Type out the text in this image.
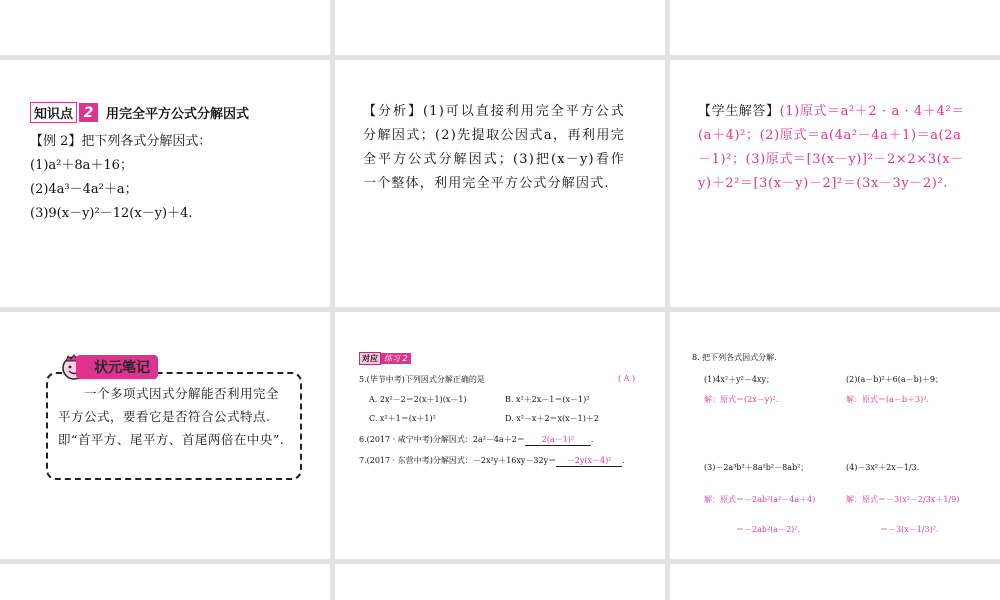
知识点 2 用完全平方公式分解因式
【例 2】把下列各式分解因式：
(1)a²＋8a＋16；
(2)4a³－4a²＋a；
(3)9(x－y)²－12(x－y)＋4.
【分析】(1)可以直接利用完全平方公式分解因式；(2)先提取公因式a，再利用完全平方公式分解因式；(3)把(x－y)看作一个整体，利用完全平方公式分解因式.
【学生解答】(1)原式＝a²＋2 · a · 4＋4²＝(a＋4)²；(2)原式＝a(4a²－4a＋1)＝a(2a－1)²；(3)原式＝[3(x－y)]²－2×2×3(x－y)＋2²＝[3(x－y)－2]²＝(3x－3y－2)².
状元笔记
  一个多项式因式分解能否利用完全平方公式，要看它是否符合公式特点.即“首平方、尾平方、首尾两倍在中央”.
对应 练习 2
5.(毕节中考)下列因式分解正确的是	( A )
A. 2x²－2＝2(x＋1)(x－1)	B. x²＋2x－1＝(x－1)²
C. x²＋1＝(x＋1)²	D. x²－x＋2＝x(x－1)＋2
6.(2017 · 咸宁中考)分解因式：2a²－4a＋2＝ 2(a－1)² .
7.(2017 · 东营中考)分解因式：－2x²y＋16xy－32y＝ －2y(x－4)² .
8. 把下列各式因式分解.
(1)4x²＋y²－4xy；	(2)(a－b)²＋6(a－b)＋9；
解：原式＝(2x－y)².	解：原式＝(a－b＋3)².
(3)－2a³b²＋8a²b²－8ab²；	(4)－3x²＋2x－1/3.
解：原式＝－2ab²(a²－4a＋4)	解：原式＝－3(x²－2/3x＋1/9)
＝－2ab²(a－2)².	＝－3(x－1/3)².
